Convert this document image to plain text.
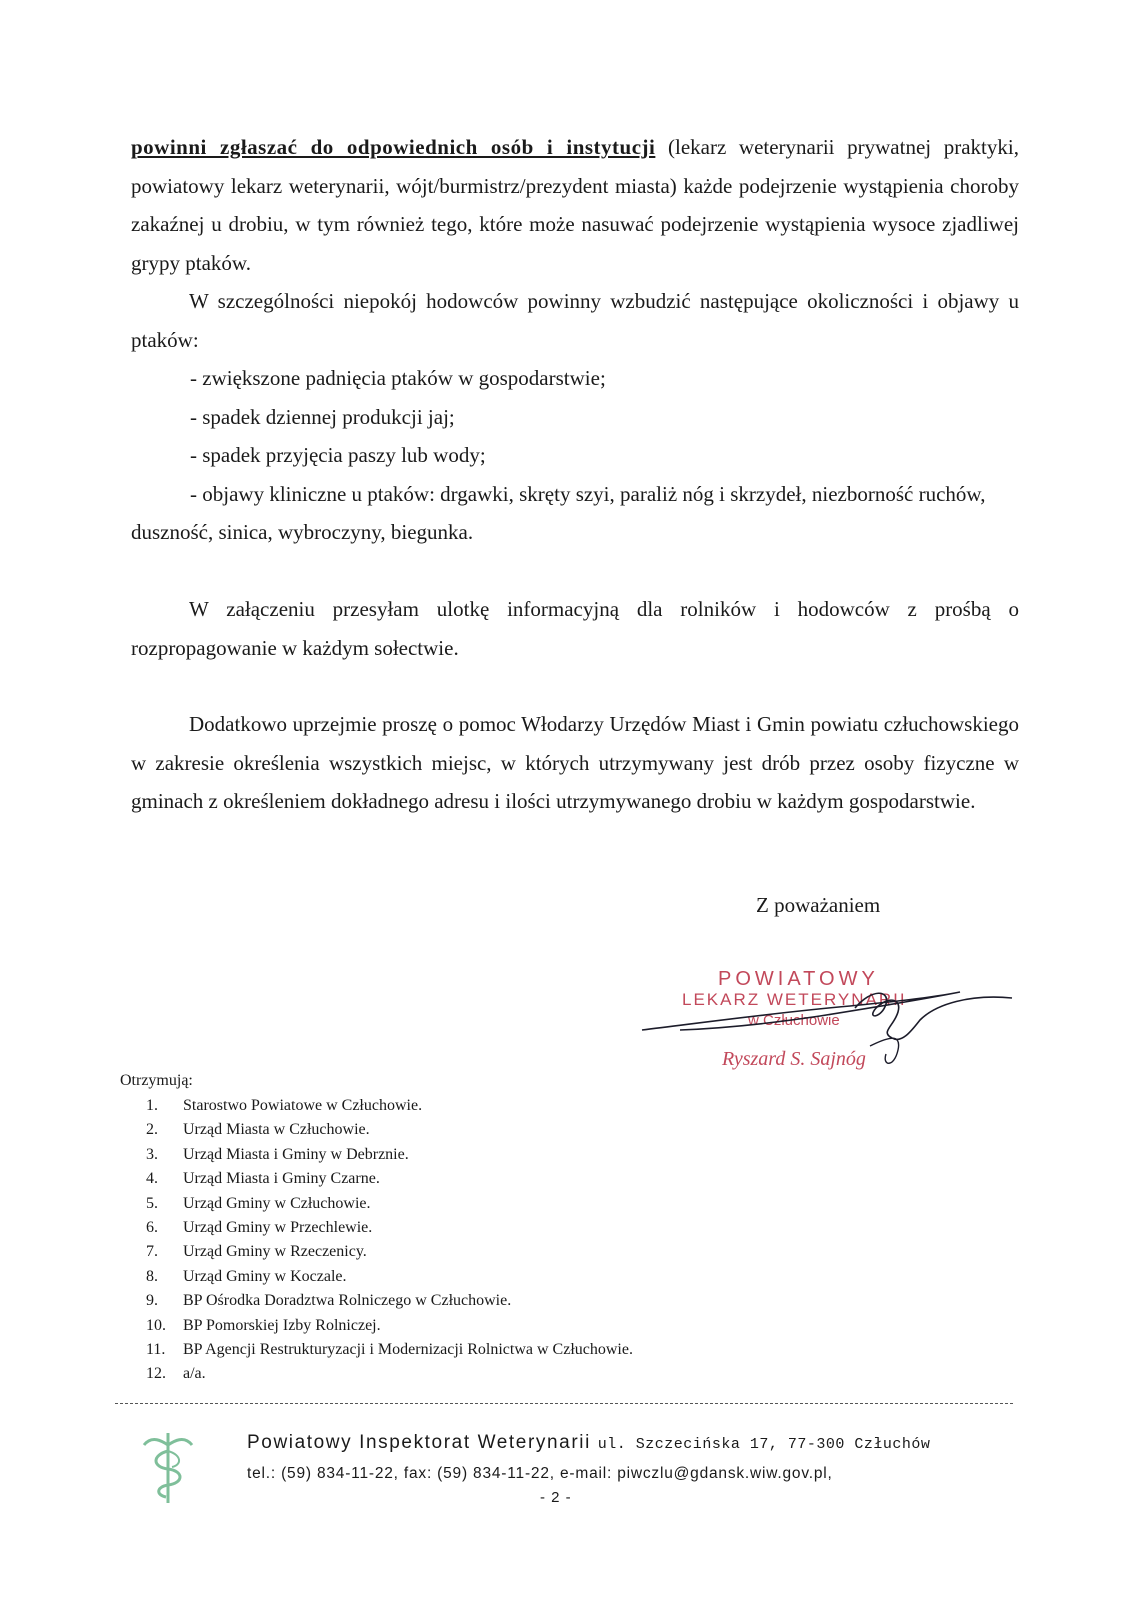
powinni zgłaszać do odpowiednich osób i instytucji (lekarz weterynarii prywatnej praktyki, powiatowy lekarz weterynarii, wójt/burmistrz/prezydent miasta) każde podejrzenie wystąpienia choroby zakaźnej u drobiu, w tym również tego, które może nasuwać podejrzenie wystąpienia wysoce zjadliwej grypy ptaków.

W szczególności niepokój hodowców powinny wzbudzić następujące okoliczności i objawy u ptaków:

- zwiększone padnięcia ptaków w gospodarstwie;
- spadek dziennej produkcji jaj;
- spadek przyjęcia paszy lub wody;
- objawy kliniczne u ptaków: drgawki, skręty szyi, paraliż nóg i skrzydeł, niezborność ruchów,
duszność, sinica, wybroczyny, biegunka.

W załączeniu przesyłam ulotkę informacyjną dla rolników i hodowców z prośbą o rozpropagowanie w każdym sołectwie.

Dodatkowo uprzejmie proszę o pomoc Włodarzy Urzędów Miast i Gmin powiatu człuchowskiego w zakresie określenia wszystkich miejsc, w których utrzymywany jest drób przez osoby fizyczne w gminach z określeniem dokładnego adresu i ilości utrzymywanego drobiu w każdym gospodarstwie.

Z poważaniem
POWIATOWY
LEKARZ WETERYNARII
w Człuchowie
Ryszard S. Sajnóg
Otrzymują:
1.	Starostwo Powiatowe w Człuchowie.
2.	Urząd Miasta w Człuchowie.
3.	Urząd Miasta i Gminy w Debrznie.
4.	Urząd Miasta i Gminy Czarne.
5.	Urząd Gminy w Człuchowie.
6.	Urząd Gminy w Przechlewie.
7.	Urząd Gminy w Rzeczenicy.
8.	Urząd Gminy w Koczale.
9.	BP Ośrodka Doradztwa Rolniczego w Człuchowie.
10.	BP Pomorskiej Izby Rolniczej.
11.	BP Agencji Restrukturyzacji i Modernizacji Rolnictwa w Człuchowie.
12.	a/a.
Powiatowy Inspektorat Weterynarii ul. Szczecińska 17, 77-300 Człuchów
tel.: (59) 834-11-22, fax: (59) 834-11-22, e-mail: piwczlu@gdansk.wiw.gov.pl,
- 2 -
